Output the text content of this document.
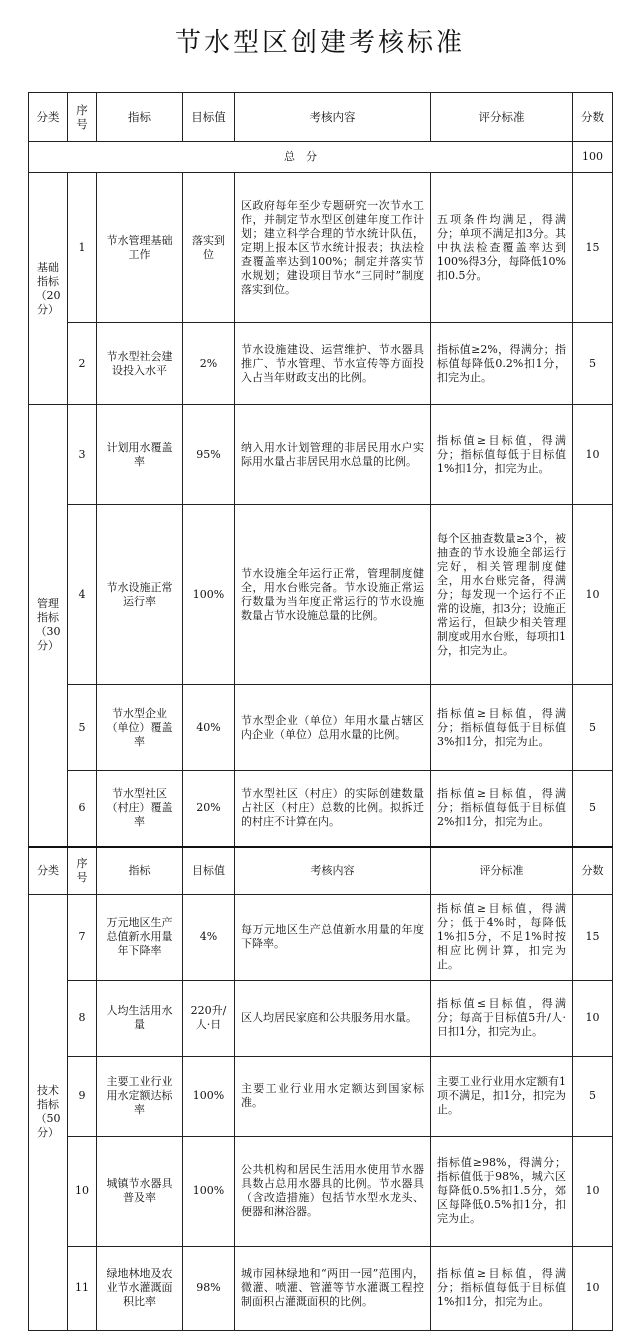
节水型区创建考核标准
分类	序号	指标	目标值	考核内容	评分标准	分数
总　分						100
基础指标（20分）	1	节水管理基础工作	落实到位	区政府每年至少专题研究一次节水工作，并制定节水型区创建年度工作计划；建立科学合理的节水统计队伍，定期上报本区节水统计报表；执法检查覆盖率达到100%；制定并落实节水规划；建设项目节水“三同时”制度落实到位。	五项条件均满足，得满分；单项不满足扣3分。其中执法检查覆盖率达到100%得3分，每降低10%扣0.5分。	15
	2	节水型社会建设投入水平	2%	节水设施建设、运营维护、节水器具推广、节水管理、节水宣传等方面投入占当年财政支出的比例。	指标值≥2%，得满分；指标值每降低0.2%扣1分，扣完为止。	5
管理指标（30分）	3	计划用水覆盖率	95%	纳入用水计划管理的非居民用水户实际用水量占非居民用水总量的比例。	指标值≥目标值，得满分；指标值每低于目标值1%扣1分，扣完为止。	10
	4	节水设施正常运行率	100%	节水设施全年运行正常，管理制度健全，用水台账完备。节水设施正常运行数量为当年度正常运行的节水设施数量占节水设施总量的比例。	每个区抽查数量≥3个，被抽查的节水设施全部运行完好，相关管理制度健全，用水台账完备，得满分；每发现一个运行不正常的设施，扣3分；设施正常运行，但缺少相关管理制度或用水台账，每项扣1分，扣完为止。	10
	5	节水型企业（单位）覆盖率	40%	节水型企业（单位）年用水量占辖区内企业（单位）总用水量的比例。	指标值≥目标值，得满分；指标值每低于目标值3%扣1分，扣完为止。	5
	6	节水型社区（村庄）覆盖率	20%	节水型社区（村庄）的实际创建数量占社区（村庄）总数的比例。拟拆迁的村庄不计算在内。	指标值≥目标值，得满分；指标值每低于目标值2%扣1分，扣完为止。	5
分类	序号	指标	目标值	考核内容	评分标准	分数
技术指标（50分）	7	万元地区生产总值新水用量年下降率	4%	每万元地区生产总值新水用量的年度下降率。	指标值≥目标值，得满分；低于4%时，每降低1%扣5分，不足1%时按相应比例计算，扣完为止。	15
	8	人均生活用水量	220升/人·日	区人均居民家庭和公共服务用水量。	指标值≤目标值，得满分；每高于目标值5升/人·日扣1分，扣完为止。	10
	9	主要工业行业用水定额达标率	100%	主要工业行业用水定额达到国家标准。	主要工业行业用水定额有1项不满足，扣1分，扣完为止。	5
	10	城镇节水器具普及率	100%	公共机构和居民生活用水使用节水器具数占总用水器具的比例。节水器具（含改造措施）包括节水型水龙头、便器和淋浴器。	指标值≥98%，得满分；指标值低于98%，城六区每降低0.5%扣1.5分，郊区每降低0.5%扣1分，扣完为止。	10
	11	绿地林地及农业节水灌溉面积比率	98%	城市园林绿地和“两田一园”范围内，微灌、喷灌、管灌等节水灌溉工程控制面积占灌溉面积的比例。	指标值≥目标值，得满分；指标值每低于目标值1%扣1分，扣完为止。	10
